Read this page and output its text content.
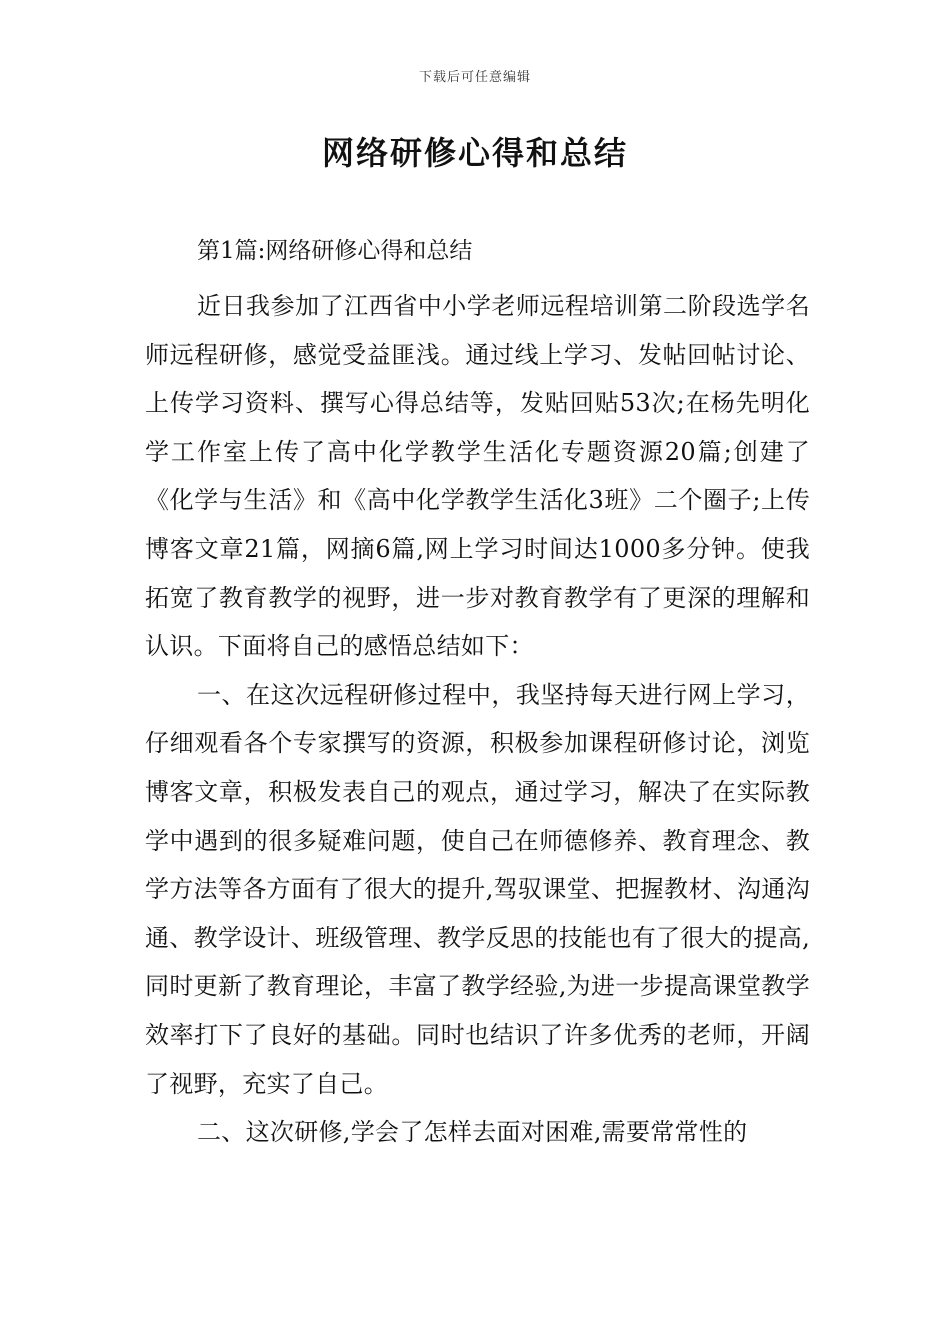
下载后可任意编辑
网络研修心得和总结
第1篇:网络研修心得和总结

近日我参加了江西省中小学老师远程培训第二阶段选学名师远程研修，感觉受益匪浅。通过线上学习、发帖回帖讨论、上传学习资料、撰写心得总结等，发贴回贴53次;在杨先明化学工作室上传了高中化学教学生活化专题资源20篇;创建了《化学与生活》和《高中化学教学生活化3班》二个圈子;上传博客文章21篇，网摘6篇,网上学习时间达1000多分钟。使我拓宽了教育教学的视野，进一步对教育教学有了更深的理解和认识。下面将自己的感悟总结如下：

一、在这次远程研修过程中，我坚持每天进行网上学习，仔细观看各个专家撰写的资源，积极参加课程研修讨论，浏览博客文章，积极发表自己的观点，通过学习，解决了在实际教学中遇到的很多疑难问题，使自己在师德修养、教育理念、教学方法等各方面有了很大的提升,驾驭课堂、把握教材、沟通沟通、教学设计、班级管理、教学反思的技能也有了很大的提高,同时更新了教育理论，丰富了教学经验,为进一步提高课堂教学效率打下了良好的基础。同时也结识了许多优秀的老师，开阔了视野，充实了自己。

二、这次研修,学会了怎样去面对困难,需要常常性的
